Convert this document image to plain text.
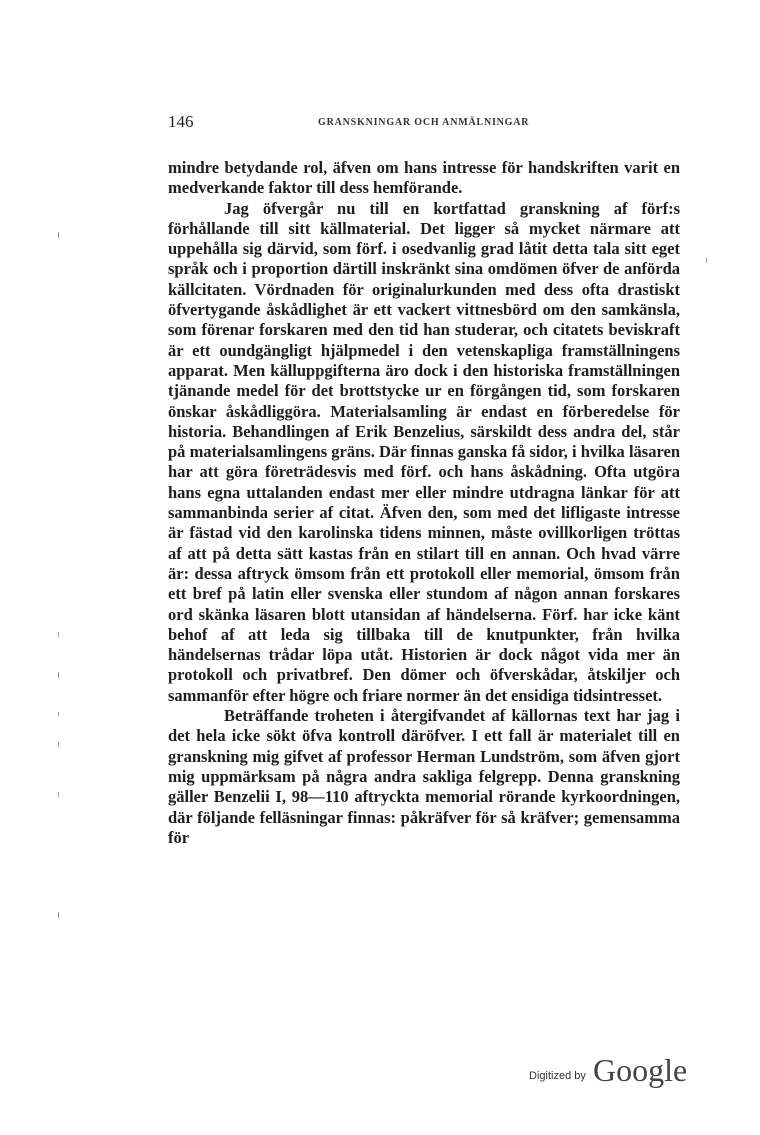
146	GRANSKNINGAR OCH ANMÄLNINGAR

mindre betydande rol, äfven om hans intresse för handskriften varit en medverkande faktor till dess hemförande.

Jag öfvergår nu till en kortfattad granskning af förf:s förhållande till sitt källmaterial. Det ligger så mycket närmare att uppehålla sig därvid, som förf. i osedvanlig grad låtit detta tala sitt eget språk och i proportion därtill inskränkt sina omdömen öfver de anförda källcitaten. Vördnaden för originalurkunden med dess ofta drastiskt öfvertygande åskådlighet är ett vackert vittnesbörd om den samkänsla, som förenar forskaren med den tid han studerar, och citatets beviskraft är ett oundgängligt hjälpmedel i den vetenskapliga framställningens apparat. Men källuppgifterna äro dock i den historiska framställningen tjänande medel för det brottstycke ur en förgången tid, som forskaren önskar åskådliggöra. Materialsamling är endast en förberedelse för historia. Behandlingen af Erik Benzelius, särskildt dess andra del, står på materialsamlingens gräns. Där finnas ganska få sidor, i hvilka läsaren har att göra företrädesvis med förf. och hans åskådning. Ofta utgöra hans egna uttalanden endast mer eller mindre utdragna länkar för att sammanbinda serier af citat. Äfven den, som med det lifligaste intresse är fästad vid den karolinska tidens minnen, måste ovillkorligen tröttas af att på detta sätt kastas från en stilart till en annan. Och hvad värre är: dessa aftryck ömsom från ett protokoll eller memorial, ömsom från ett bref på latin eller svenska eller stundom af någon annan forskares ord skänka läsaren blott utansidan af händelserna. Förf. har icke känt behof af att leda sig tillbaka till de knutpunkter, från hvilka händelsernas trådar löpa utåt. Historien är dock något vida mer än protokoll och privatbref. Den dömer och öfverskådar, åtskiljer och sammanför efter högre och friare normer än det ensidiga tidsintresset.

Beträffande troheten i återgifvandet af källornas text har jag i det hela icke sökt öfva kontroll däröfver. I ett fall är materialet till en granskning mig gifvet af professor Herman Lundström, som äfven gjort mig uppmärksam på några andra sakliga felgrepp. Denna granskning gäller Benzelii I, 98—110 aftryckta memorial rörande kyrkoordningen, där följande felläsningar finnas: påkräfver för så kräfver; gemensamma för

Digitized by Google
